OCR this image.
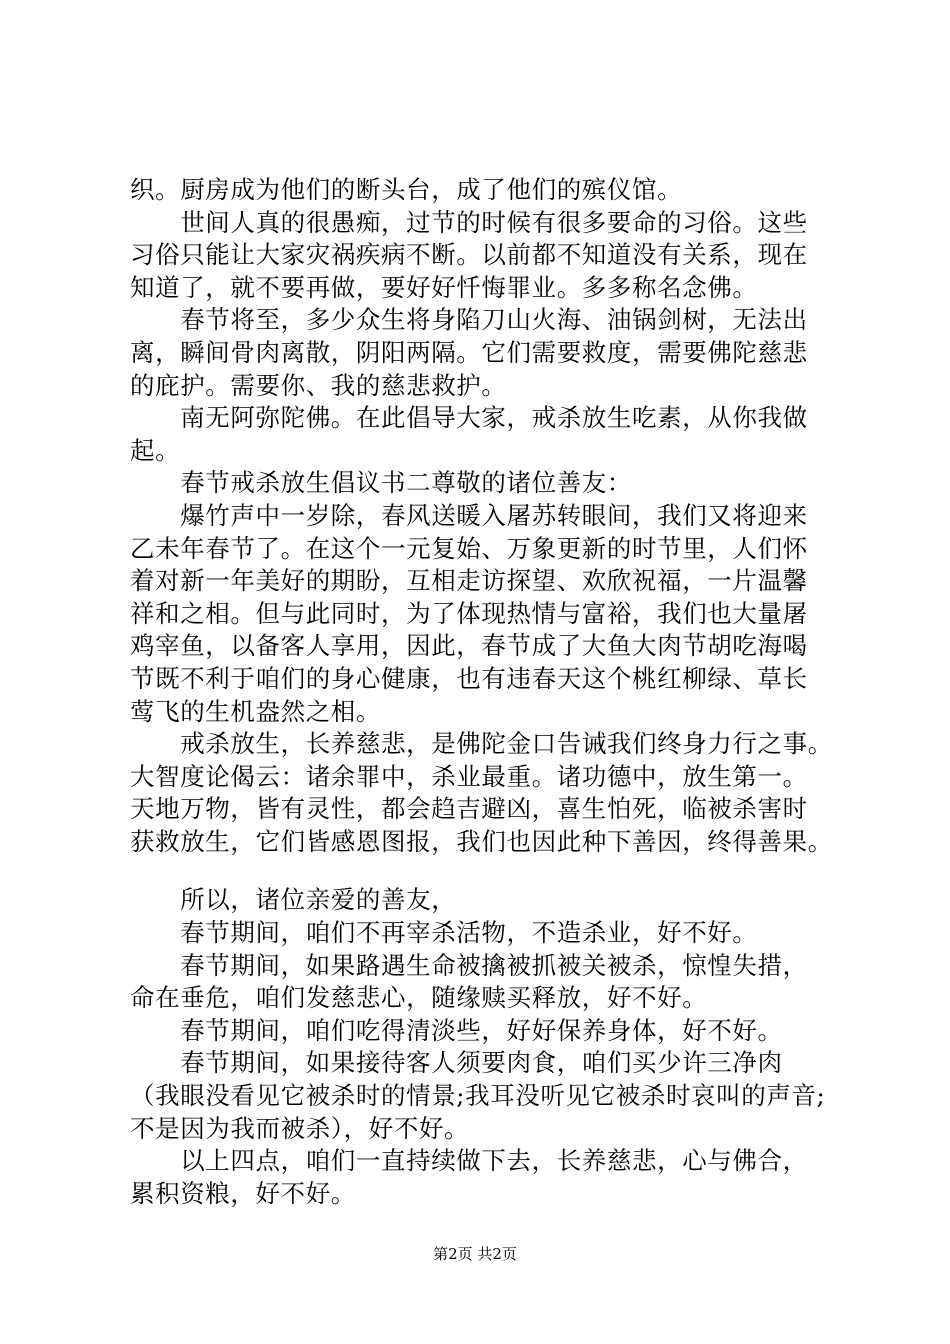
织。厨房成为他们的断头台，成了他们的殡仪馆。
　　世间人真的很愚痴，过节的时候有很多要命的习俗。这些
习俗只能让大家灾祸疾病不断。以前都不知道没有关系，现在
知道了，就不要再做，要好好忏悔罪业。多多称名念佛。
　　春节将至，多少众生将身陷刀山火海、油锅剑树，无法出
离，瞬间骨肉离散，阴阳两隔。它们需要救度，需要佛陀慈悲
的庇护。需要你、我的慈悲救护。
　　南无阿弥陀佛。在此倡导大家，戒杀放生吃素，从你我做
起。
　　春节戒杀放生倡议书二尊敬的诸位善友：
　　爆竹声中一岁除，春风送暖入屠苏转眼间，我们又将迎来
乙未年春节了。在这个一元复始、万象更新的时节里，人们怀
着对新一年美好的期盼，互相走访探望、欢欣祝福，一片温馨
祥和之相。但与此同时，为了体现热情与富裕，我们也大量屠
鸡宰鱼，以备客人享用，因此，春节成了大鱼大肉节胡吃海喝
节既不利于咱们的身心健康，也有违春天这个桃红柳绿、草长
莺飞的生机盎然之相。
　　戒杀放生，长养慈悲，是佛陀金口告诫我们终身力行之事。
大智度论偈云：诸余罪中，杀业最重。诸功德中，放生第一。
天地万物，皆有灵性，都会趋吉避凶，喜生怕死，临被杀害时
获救放生，它们皆感恩图报，我们也因此种下善因，终得善果。
　　所以，诸位亲爱的善友，
　　春节期间，咱们不再宰杀活物，不造杀业，好不好。
　　春节期间，如果路遇生命被擒被抓被关被杀，惊惶失措，
命在垂危，咱们发慈悲心，随缘赎买释放，好不好。
　　春节期间，咱们吃得清淡些，好好保养身体，好不好。
　　春节期间，如果接待客人须要肉食，咱们买少许三净肉
（我眼没看见它被杀时的情景;我耳没听见它被杀时哀叫的声音;
不是因为我而被杀），好不好。
　　以上四点，咱们一直持续做下去，长养慈悲，心与佛合，
累积资粮，好不好。
第2页 共2页
